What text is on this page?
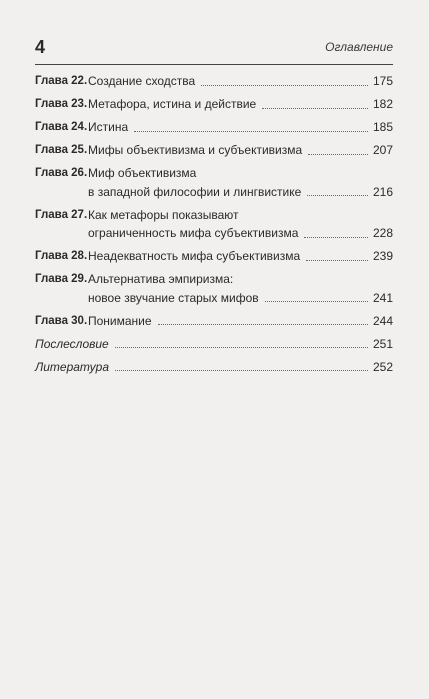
4	Оглавление
Глава 22. Создание сходства	175
Глава 23. Метафора, истина и действие	182
Глава 24. Истина	185
Глава 25. Мифы объективизма и субъективизма	207
Глава 26. Миф объективизма
в западной философии и лингвистике	216
Глава 27. Как метафоры показывают
ограниченность мифа субъективизма	228
Глава 28. Неадекватность мифа субъективизма	239
Глава 29. Альтернатива эмпиризма:
новое звучание старых мифов	241
Глава 30. Понимание	244
Послесловие	251
Литература	252
